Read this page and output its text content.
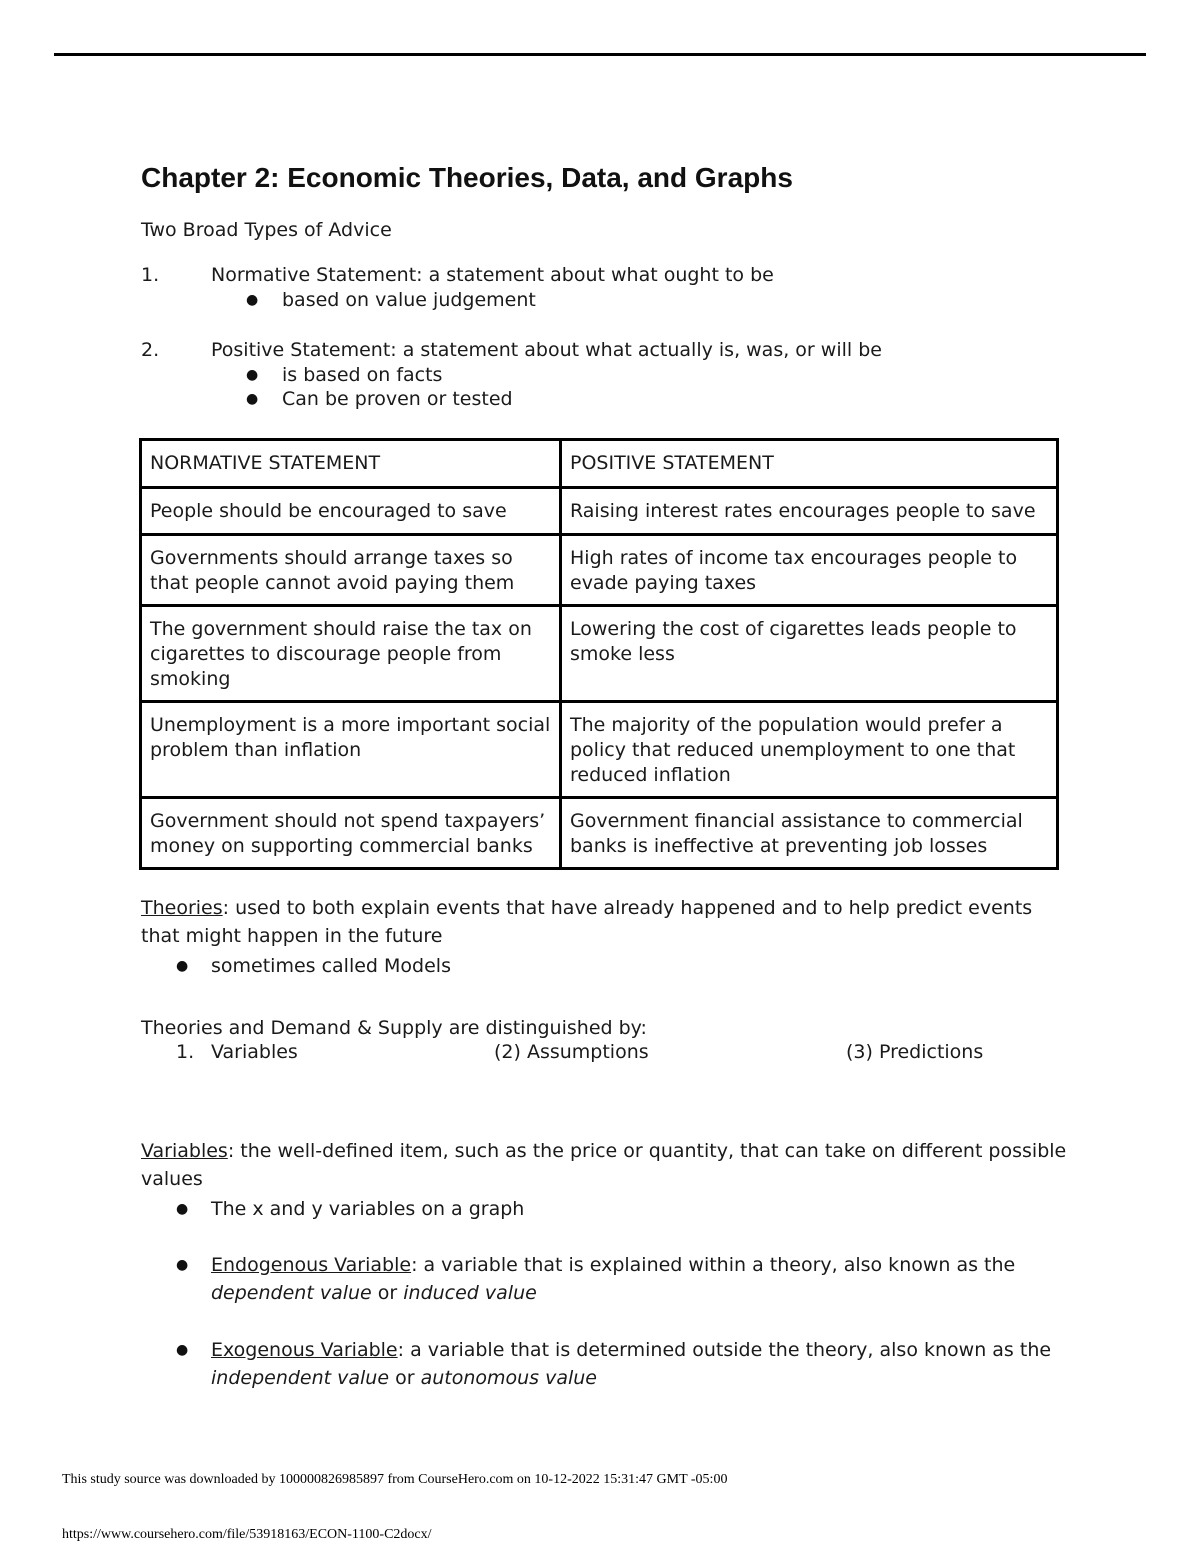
Chapter 2: Economic Theories, Data, and Graphs
Two Broad Types of Advice
1.	Normative Statement: a statement about what ought to be
● based on value judgement
2.	Positive Statement: a statement about what actually is, was, or will be
● is based on facts
● Can be proven or tested
NORMATIVE STATEMENT	POSITIVE STATEMENT
People should be encouraged to save	Raising interest rates encourages people to save
Governments should arrange taxes so that people cannot avoid paying them	High rates of income tax encourages people to evade paying taxes
The government should raise the tax on cigarettes to discourage people from smoking	Lowering the cost of cigarettes leads people to smoke less
Unemployment is a more important social problem than inflation	The majority of the population would prefer a policy that reduced unemployment to one that reduced inflation
Government should not spend taxpayers’ money on supporting commercial banks	Government financial assistance to commercial banks is ineffective at preventing job losses
Theories: used to both explain events that have already happened and to help predict events
that might happen in the future
● sometimes called Models
Theories and Demand & Supply are distinguished by:
1. Variables	(2) Assumptions	(3) Predictions
Variables: the well-defined item, such as the price or quantity, that can take on different possible
values
● The x and y variables on a graph
● Endogenous Variable: a variable that is explained within a theory, also known as the
dependent value or induced value
● Exogenous Variable: a variable that is determined outside the theory, also known as the
independent value or autonomous value
This study source was downloaded by 100000826985897 from CourseHero.com on 10-12-2022 15:31:47 GMT -05:00
https://www.coursehero.com/file/53918163/ECON-1100-C2docx/
